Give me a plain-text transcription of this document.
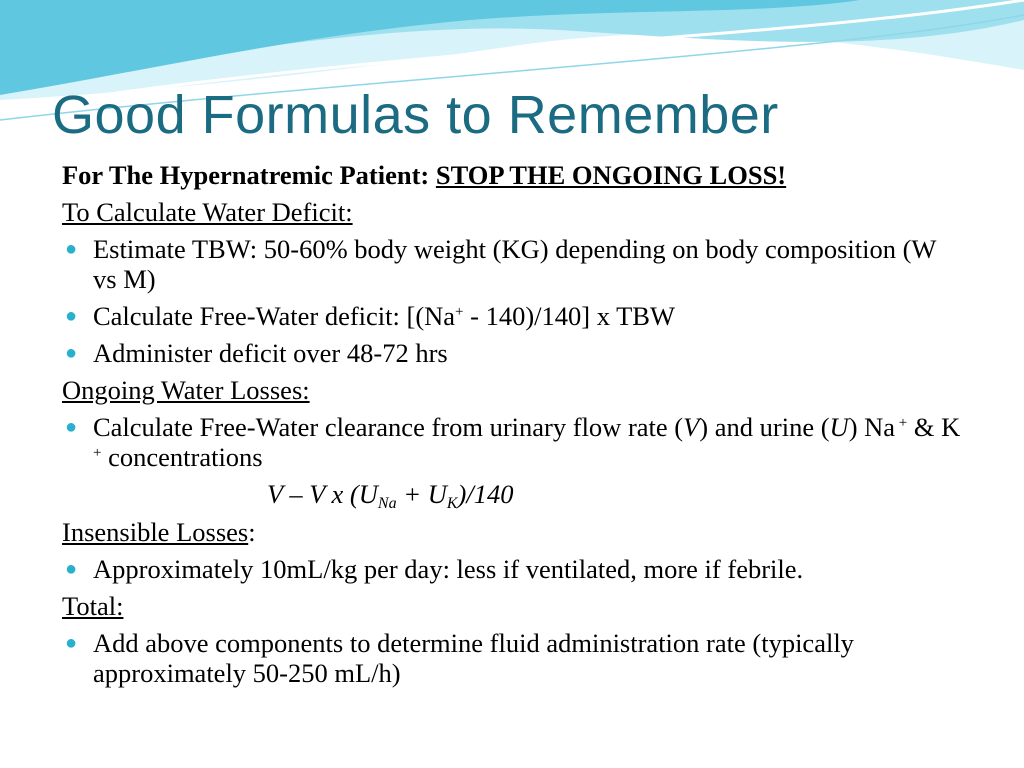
Good Formulas to Remember

For The Hypernatremic Patient: STOP THE ONGOING LOSS!

To Calculate Water Deficit:

● Estimate TBW: 50-60% body weight (KG) depending on body composition (W vs M)
● Calculate Free-Water deficit: [(Na+ - 140)/140] x TBW
● Administer deficit over 48-72 hrs

Ongoing Water Losses:

● Calculate Free-Water clearance from urinary flow rate (V) and urine (U) Na + & K + concentrations

V – V x $(U_{Na} + U_K)/140$

Insensible Losses:

● Approximately 10mL/kg per day: less if ventilated, more if febrile.

Total:

● Add above components to determine fluid administration rate (typically approximately 50-250 mL/h)
